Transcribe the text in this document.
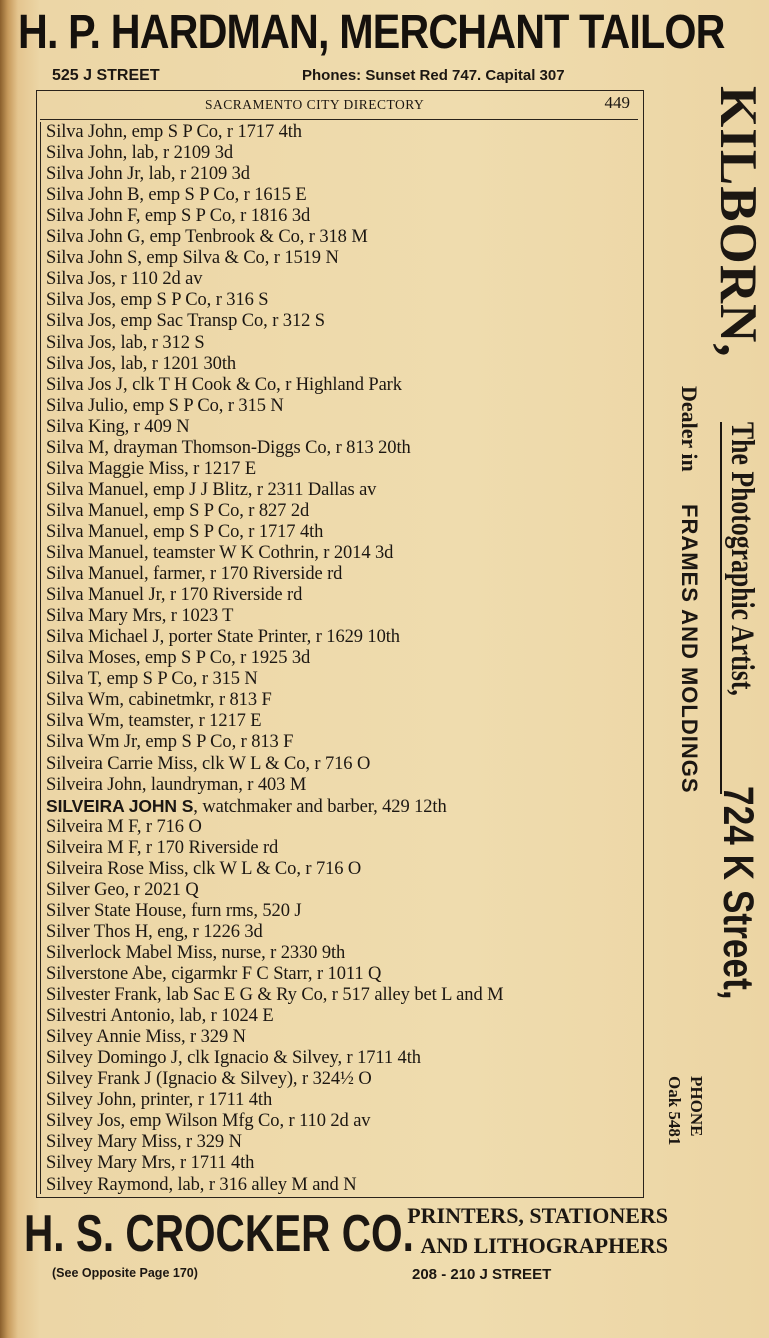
H. P. HARDMAN, MERCHANT TAILOR
525 J STREET	Phones: Sunset Red 747. Capital 307
SACRAMENTO CITY DIRECTORY	449
Silva John, emp S P Co, r 1717 4th
Silva John, lab, r 2109 3d
Silva John Jr, lab, r 2109 3d
Silva John B, emp S P Co, r 1615 E
Silva John F, emp S P Co, r 1816 3d
Silva John G, emp Tenbrook & Co, r 318 M
Silva John S, emp Silva & Co, r 1519 N
Silva Jos, r 110 2d av
Silva Jos, emp S P Co, r 316 S
Silva Jos, emp Sac Transp Co, r 312 S
Silva Jos, lab, r 312 S
Silva Jos, lab, r 1201 30th
Silva Jos J, clk T H Cook & Co, r Highland Park
Silva Julio, emp S P Co, r 315 N
Silva King, r 409 N
Silva M, drayman Thomson-Diggs Co, r 813 20th
Silva Maggie Miss, r 1217 E
Silva Manuel, emp J J Blitz, r 2311 Dallas av
Silva Manuel, emp S P Co, r 827 2d
Silva Manuel, emp S P Co, r 1717 4th
Silva Manuel, teamster W K Cothrin, r 2014 3d
Silva Manuel, farmer, r 170 Riverside rd
Silva Manuel Jr, r 170 Riverside rd
Silva Mary Mrs, r 1023 T
Silva Michael J, porter State Printer, r 1629 10th
Silva Moses, emp S P Co, r 1925 3d
Silva T, emp S P Co, r 315 N
Silva Wm, cabinetmkr, r 813 F
Silva Wm, teamster, r 1217 E
Silva Wm Jr, emp S P Co, r 813 F
Silveira Carrie Miss, clk W L & Co, r 716 O
Silveira John, laundryman, r 403 M
SILVEIRA JOHN S, watchmaker and barber, 429 12th
Silveira M F, r 716 O
Silveira M F, r 170 Riverside rd
Silveira Rose Miss, clk W L & Co, r 716 O
Silver Geo, r 2021 Q
Silver State House, furn rms, 520 J
Silver Thos H, eng, r 1226 3d
Silverlock Mabel Miss, nurse, r 2330 9th
Silverstone Abe, cigarmkr F C Starr, r 1011 Q
Silvester Frank, lab Sac E G & Ry Co, r 517 alley bet L and M
Silvestri Antonio, lab, r 1024 E
Silvey Annie Miss, r 329 N
Silvey Domingo J, clk Ignacio & Silvey, r 1711 4th
Silvey Frank J (Ignacio & Silvey), r 324½ O
Silvey John, printer, r 1711 4th
Silvey Jos, emp Wilson Mfg Co, r 110 2d av
Silvey Mary Miss, r 329 N
Silvey Mary Mrs, r 1711 4th
Silvey Raymond, lab, r 316 alley M and N
KILBORN,
The Photographic Artist,
724 K Street,
Dealer in
FRAMES AND MOLDINGS
PHONE
Oak 5481
H. S. CROCKER CO.
PRINTERS, STATIONERS
AND LITHOGRAPHERS
(See Opposite Page 170)	208 - 210 J STREET
